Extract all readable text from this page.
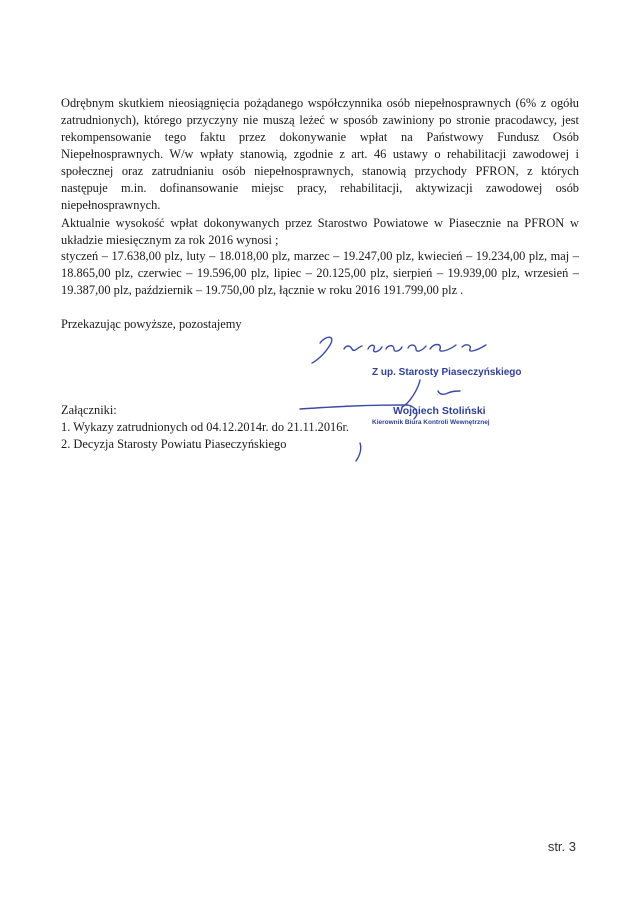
Odrębnym skutkiem nieosiągnięcia pożądanego współczynnika osób niepełnosprawnych (6% z ogółu zatrudnionych), którego przyczyny nie muszą leżeć w sposób zawiniony po stronie pracodawcy, jest rekompensowanie tego faktu przez dokonywanie wpłat na Państwowy Fundusz Osób Niepełnosprawnych. W/w wpłaty stanowią, zgodnie z art. 46 ustawy o rehabilitacji zawodowej i społecznej oraz zatrudnianiu osób niepełnosprawnych, stanowią przychody PFRON, z których następuje m.in. dofinansowanie miejsc pracy, rehabilitacji, aktywizacji zawodowej osób niepełnosprawnych.

Aktualnie wysokość wpłat dokonywanych przez Starostwo Powiatowe w Piasecznie na PFRON w układzie miesięcznym za rok 2016 wynosi ;

styczeń – 17.638,00 plz, luty – 18.018,00 plz, marzec – 19.247,00 plz, kwiecień – 19.234,00 plz, maj – 18.865,00 plz, czerwiec – 19.596,00 plz, lipiec – 20.125,00 plz, sierpień – 19.939,00 plz, wrzesień – 19.387,00 plz, październik – 19.750,00 plz, łącznie w roku 2016 191.799,00 plz .

Przekazując powyższe, pozostajemy
Załączniki:
1. Wykazy zatrudnionych od 04.12.2014r. do 21.11.2016r.
2. Decyzja Starosty Powiatu Piaseczyńskiego
Z up. Starosty Piaseczyńskiego
Wojciech Stoliński
Kierownik Biura Kontroli Wewnętrznej
str. 3
